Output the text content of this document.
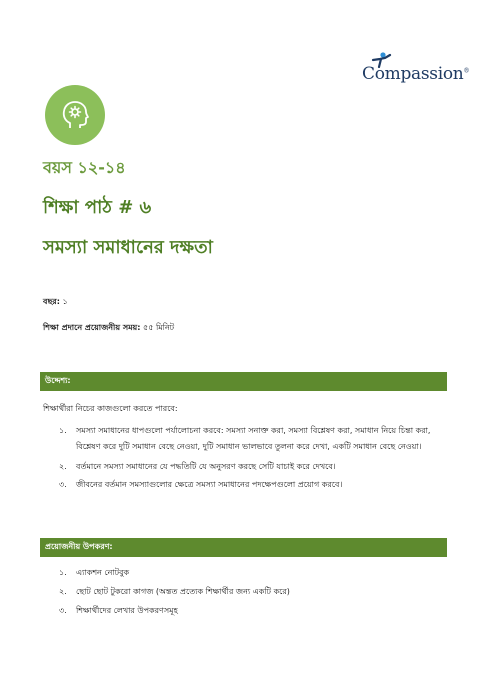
Compassion®
বয়স ১২-১৪
শিক্ষা পাঠ # ৬
সমস্যা সমাধানের দক্ষতা
বছর: ১
শিক্ষা প্রদানে প্রয়োজনীয় সময়: ৫৫ মিনিট
উদ্দেশ্য:
শিক্ষার্থীরা নিচের কাজগুলো করতে পারবে:
১.	সমস্যা সমাধানের ধাপগুলো পর্যালোচনা করবে: সমস্যা সনাক্ত করা, সমস্যা বিশ্লেষণ করা, সমাধান নিয়ে চিন্তা করা, বিশ্লেষণ করে দুটি সমাধান বেছে নেওয়া, দুটি সমাধান ভালভাবে তুলনা করে দেখা, একটি সমাধান বেছে নেওয়া।
২.	বর্তমানে সমস্যা সমাধানের যে পদ্ধতিটি যে অনুসরণ করছে সেটি যাচাই করে দেখবে।
৩.	জীবনের বর্তমান সমস্যাগুলোর ক্ষেত্রে সমস্যা সমাধানের পদক্ষেপগুলো প্রয়োগ করবে।
প্রয়োজনীয় উপকরণ:
১.	এ্যাকশন নোটবুক
২.	ছোট ছোট টুকরো কাগজ (অন্তত প্রত্যেক শিক্ষার্থীর জন্য একটি করে)
৩.	শিক্ষার্থীদের লেখার উপকরণসমূহ
